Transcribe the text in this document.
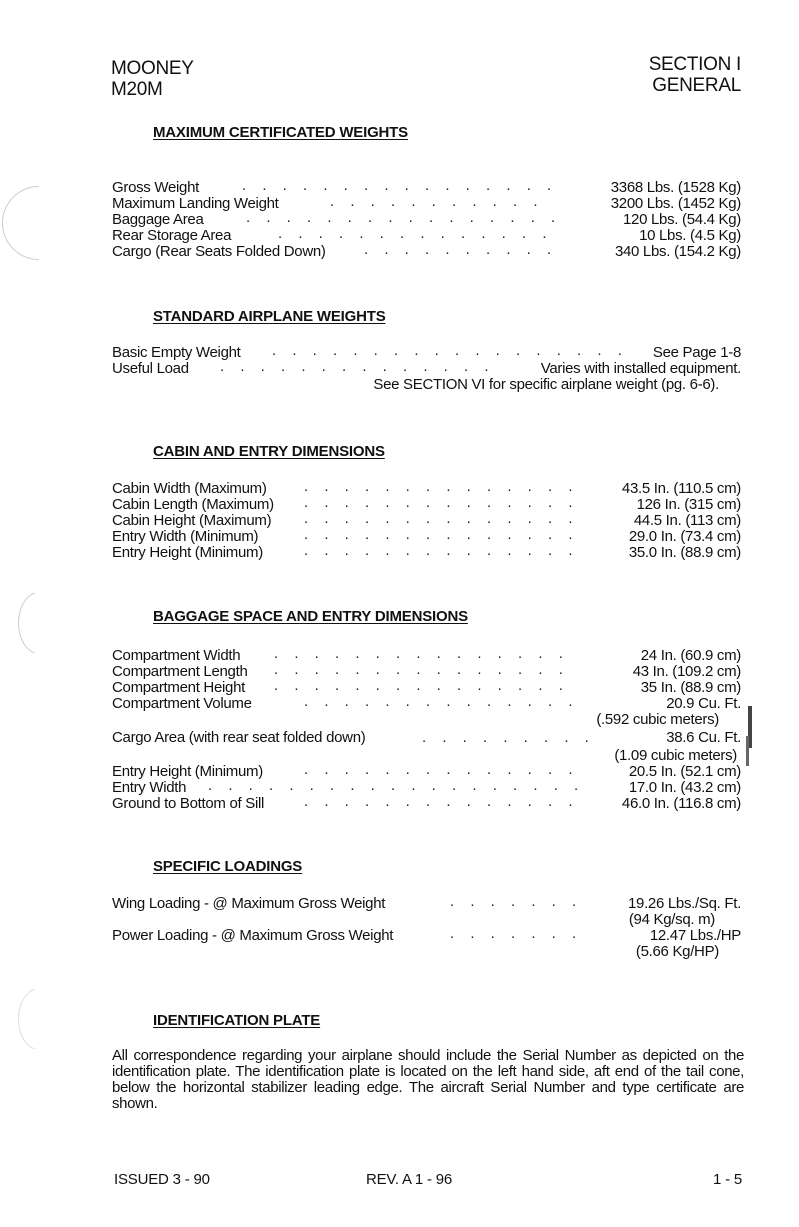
MOONEY
M20M
SECTION I
GENERAL
MAXIMUM CERTIFICATED WEIGHTS
Gross Weight	. . . . . . . . . . . . . . . .	3368 Lbs. (1528 Kg)
Maximum Landing Weight	. . . . . . . . . . .	3200 Lbs. (1452 Kg)
Baggage Area	. . . . . . . . . . . . . . . .	120 Lbs. (54.4 Kg)
Rear Storage Area	. . . . . . . . . . . . . .	10 Lbs. (4.5 Kg)
Cargo (Rear Seats Folded Down)	. . . . . . . . . .	340 Lbs. (154.2 Kg)
STANDARD AIRPLANE WEIGHTS
Basic Empty Weight . . . . . . . . . . . . . . . . . . See Page 1-8
Useful Load . . . . . . . . . . . . . .	Varies with installed equipment.
See SECTION VI for specific airplane weight (pg. 6-6).
CABIN AND ENTRY DIMENSIONS
Cabin Width (Maximum) . . . . . . . . . . . . . .	43.5 In. (110.5 cm)
Cabin Length (Maximum) . . . . . . . . . . . . . .	126 In. (315 cm)
Cabin Height (Maximum) . . . . . . . . . . . . . .	44.5 In. (113 cm)
Entry Width (Minimum)	. . . . . . . . . . . . . .	29.0 In. (73.4 cm)
Entry Height (Minimum)	. . . . . . . . . . . . . .	35.0 In. (88.9 cm)
BAGGAGE SPACE AND ENTRY DIMENSIONS
Compartment Width . . . . . . . . . . . . . . .	24 In. (60.9 cm)
Compartment Length . . . . . . . . . . . . . . .	43 In. (109.2 cm)
Compartment Height . . . . . . . . . . . . . . .	35 In. (88.9 cm)
Compartment Volume	. . . . . . . . . . . . . .	20.9 Cu. Ft.
(.592 cubic meters)
Cargo Area (with rear seat folded down)	. . . . . . . . .	38.6 Cu. Ft.
(1.09 cubic meters)
Entry Height (Minimum)	. . . . . . . . . . . . . .	20.5 In. (52.1 cm)
Entry Width . . . . . . . . . . . . . . . . . . .	17.0 In. (43.2 cm)
Ground to Bottom of Sill	. . . . . . . . . . . . . .	46.0 In. (116.8 cm)
SPECIFIC LOADINGS
Wing Loading - @ Maximum Gross Weight	. . . . . . .	19.26 Lbs./Sq. Ft.
(94 Kg/sq. m)
Power Loading - @ Maximum Gross Weight	. . . . . . .	12.47 Lbs./HP
(5.66 Kg/HP)
IDENTIFICATION PLATE
All correspondence regarding your airplane should include the Serial Number as depicted on the identification plate. The identification plate is located on the left hand side, aft end of the tail cone, below the horizontal stabilizer leading edge. The aircraft Serial Number and type certificate are shown.
ISSUED 3 - 90	REV. A 1 - 96	1 - 5
